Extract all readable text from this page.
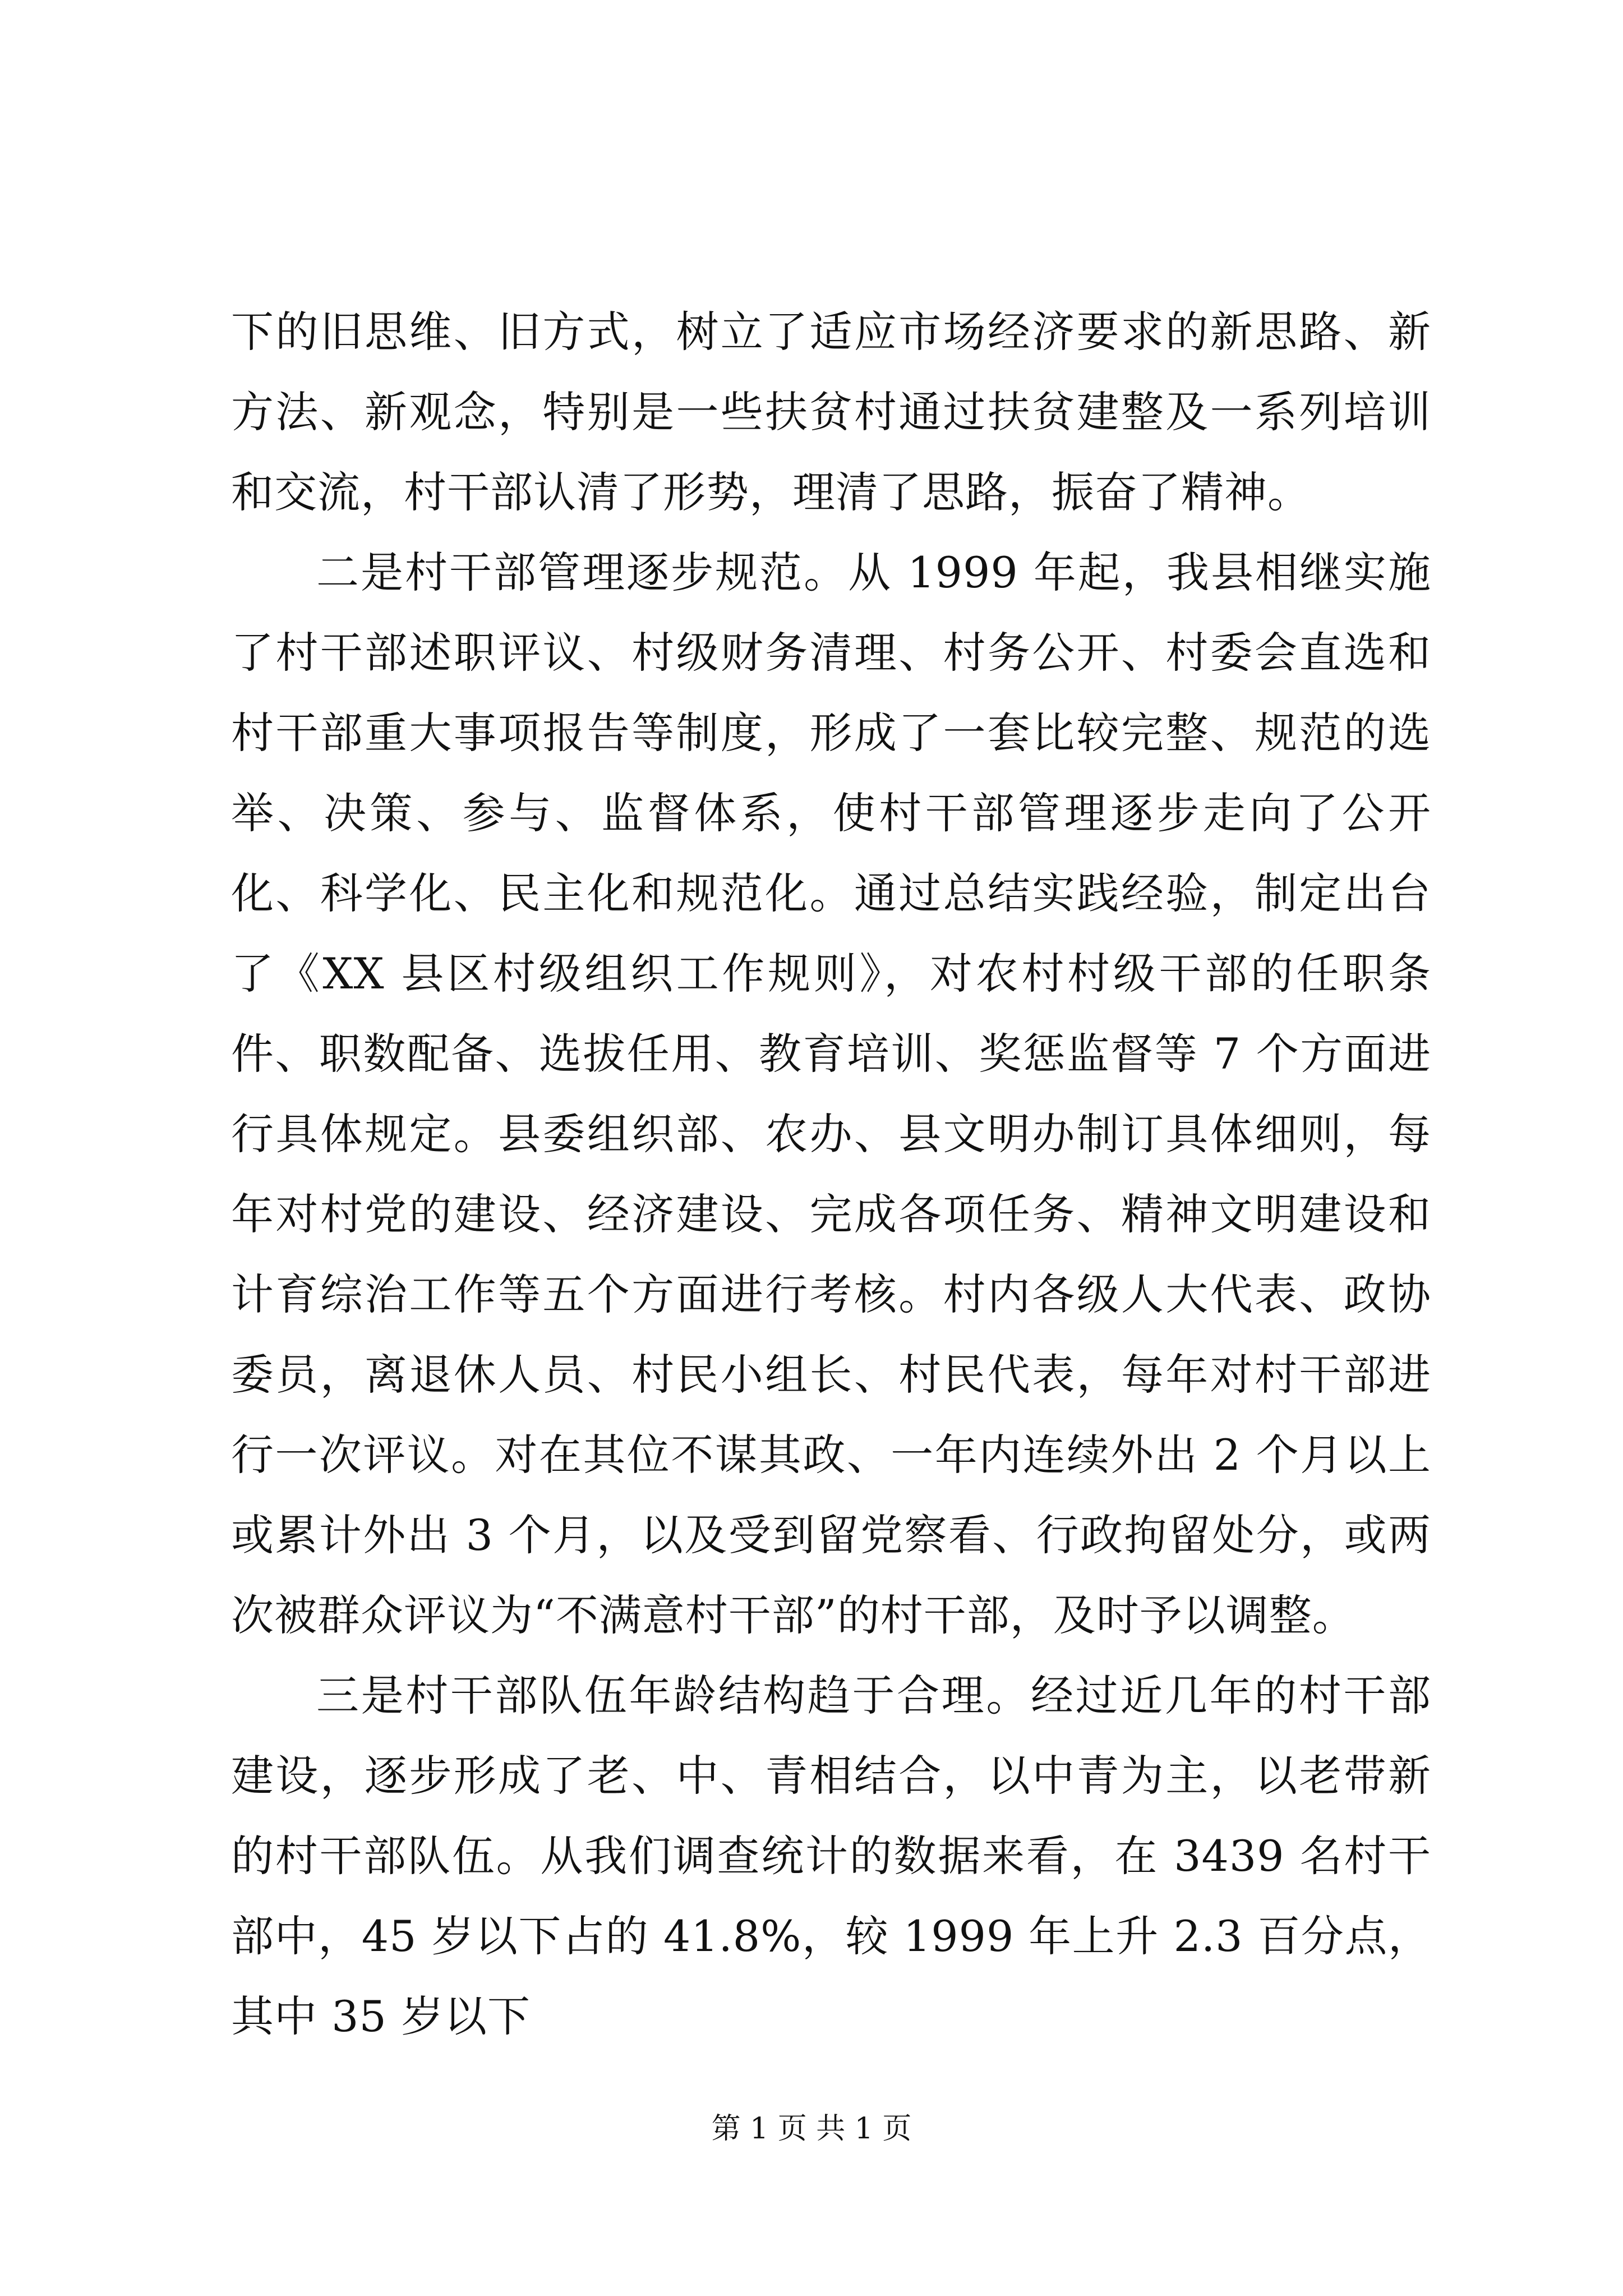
下的旧思维、旧方式，树立了适应市场经济要求的新思路、新方法、新观念，特别是一些扶贫村通过扶贫建整及一系列培训和交流，村干部认清了形势，理清了思路，振奋了精神。

二是村干部管理逐步规范。从 1999 年起，我县相继实施了村干部述职评议、村级财务清理、村务公开、村委会直选和村干部重大事项报告等制度，形成了一套比较完整、规范的选举、决策、参与、监督体系，使村干部管理逐步走向了公开化、科学化、民主化和规范化。通过总结实践经验，制定出台了《XX 县区村级组织工作规则》，对农村村级干部的任职条件、职数配备、选拔任用、教育培训、奖惩监督等 7 个方面进行具体规定。县委组织部、农办、县文明办制订具体细则，每年对村党的建设、经济建设、完成各项任务、精神文明建设和计育综治工作等五个方面进行考核。村内各级人大代表、政协委员，离退休人员、村民小组长、村民代表，每年对村干部进行一次评议。对在其位不谋其政、一年内连续外出 2 个月以上或累计外出 3 个月，以及受到留党察看、行政拘留处分，或两次被群众评议为“不满意村干部”的村干部，及时予以调整。

三是村干部队伍年龄结构趋于合理。经过近几年的村干部建设，逐步形成了老、中、青相结合，以中青为主，以老带新的村干部队伍。从我们调查统计的数据来看，在 3439 名村干部中，45 岁以下占的 41.8%，较 1999 年上升 2.3 百分点，其中 35 岁以下

第 1 页 共 1 页
